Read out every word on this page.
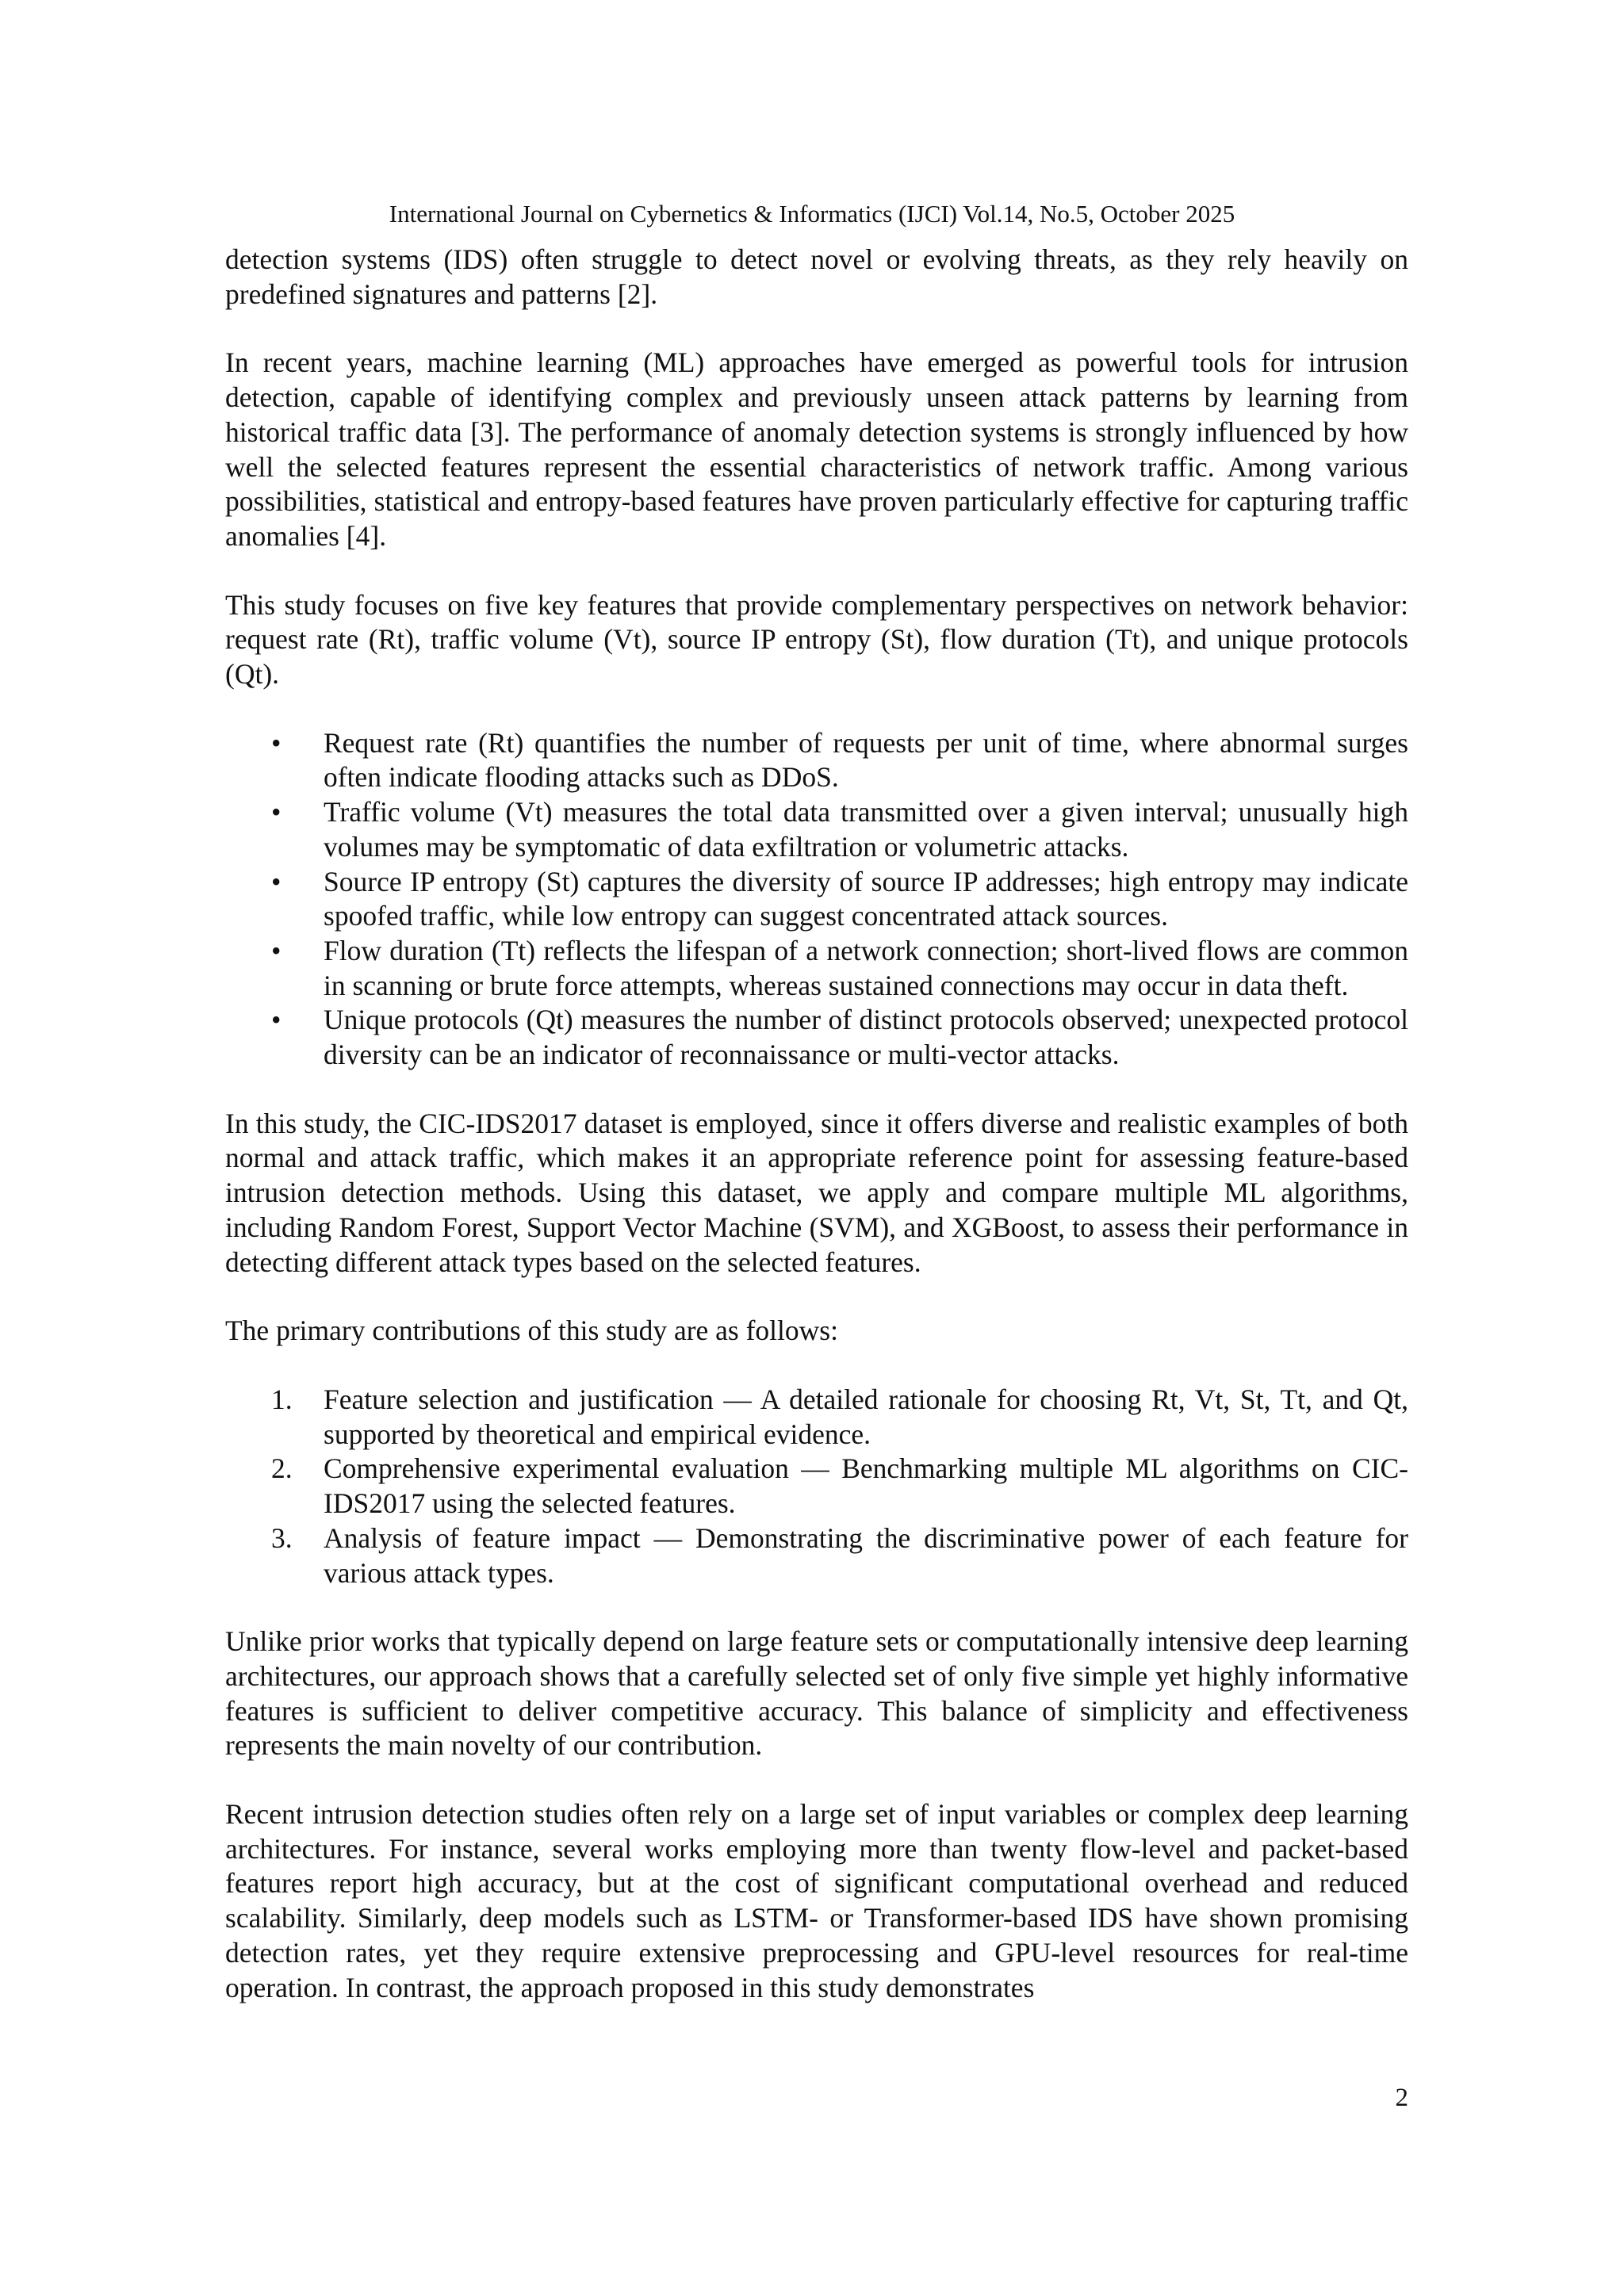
International Journal on Cybernetics & Informatics (IJCI) Vol.14, No.5, October 2025

detection systems (IDS) often struggle to detect novel or evolving threats, as they rely heavily on predefined signatures and patterns [2].

In recent years, machine learning (ML) approaches have emerged as powerful tools for intrusion detection, capable of identifying complex and previously unseen attack patterns by learning from historical traffic data [3]. The performance of anomaly detection systems is strongly influenced by how well the selected features represent the essential characteristics of network traffic. Among various possibilities, statistical and entropy-based features have proven particularly effective for capturing traffic anomalies [4].

This study focuses on five key features that provide complementary perspectives on network behavior: request rate (Rt), traffic volume (Vt), source IP entropy (St), flow duration (Tt), and unique protocols (Qt).

•	Request rate (Rt) quantifies the number of requests per unit of time, where abnormal surges often indicate flooding attacks such as DDoS.
•	Traffic volume (Vt) measures the total data transmitted over a given interval; unusually high volumes may be symptomatic of data exfiltration or volumetric attacks.
•	Source IP entropy (St) captures the diversity of source IP addresses; high entropy may indicate spoofed traffic, while low entropy can suggest concentrated attack sources.
•	Flow duration (Tt) reflects the lifespan of a network connection; short-lived flows are common in scanning or brute force attempts, whereas sustained connections may occur in data theft.
•	Unique protocols (Qt) measures the number of distinct protocols observed; unexpected protocol diversity can be an indicator of reconnaissance or multi-vector attacks.

In this study, the CIC-IDS2017 dataset is employed, since it offers diverse and realistic examples of both normal and attack traffic, which makes it an appropriate reference point for assessing feature-based intrusion detection methods. Using this dataset, we apply and compare multiple ML algorithms, including Random Forest, Support Vector Machine (SVM), and XGBoost, to assess their performance in detecting different attack types based on the selected features.

The primary contributions of this study are as follows:

1.	Feature selection and justification — A detailed rationale for choosing Rt, Vt, St, Tt, and Qt, supported by theoretical and empirical evidence.
2.	Comprehensive experimental evaluation — Benchmarking multiple ML algorithms on CIC-IDS2017 using the selected features.
3.	Analysis of feature impact — Demonstrating the discriminative power of each feature for various attack types.

Unlike prior works that typically depend on large feature sets or computationally intensive deep learning architectures, our approach shows that a carefully selected set of only five simple yet highly informative features is sufficient to deliver competitive accuracy. This balance of simplicity and effectiveness represents the main novelty of our contribution.

Recent intrusion detection studies often rely on a large set of input variables or complex deep learning architectures. For instance, several works employing more than twenty flow-level and packet-based features report high accuracy, but at the cost of significant computational overhead and reduced scalability. Similarly, deep models such as LSTM- or Transformer-based IDS have shown promising detection rates, yet they require extensive preprocessing and GPU-level resources for real-time operation. In contrast, the approach proposed in this study demonstrates

2
